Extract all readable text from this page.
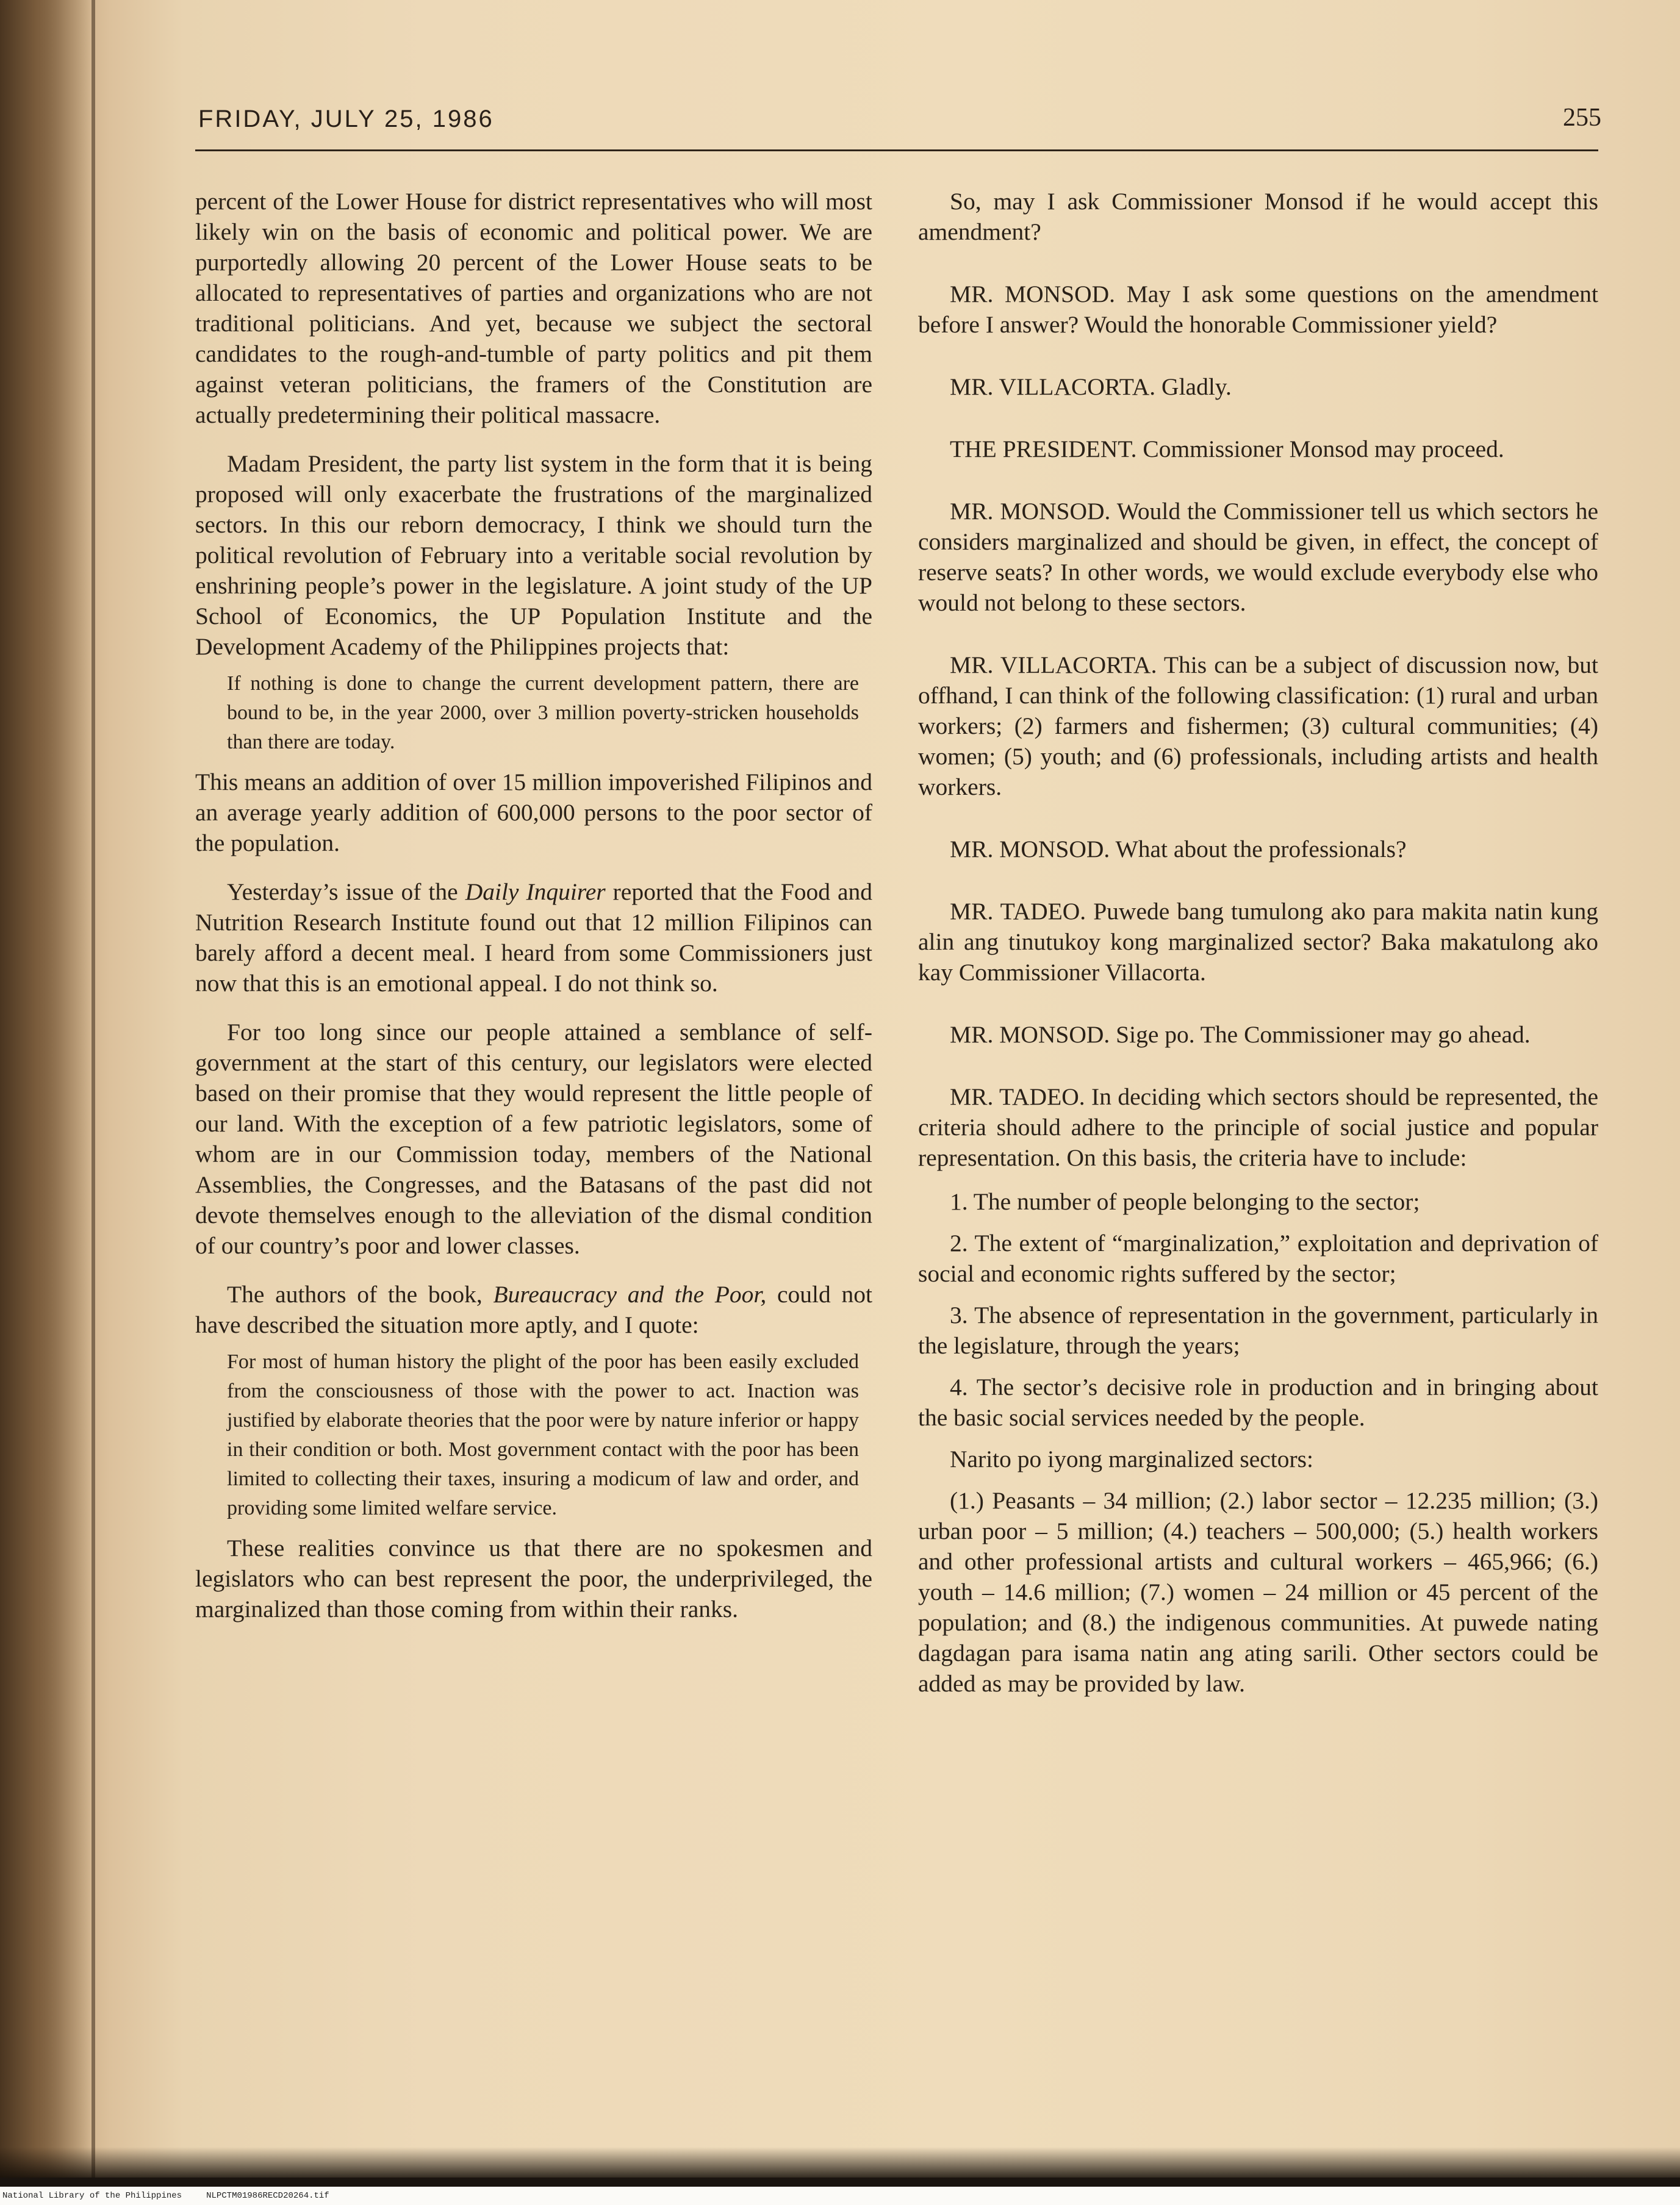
FRIDAY, JULY 25, 1986	255

percent of the Lower House for district representatives who will most likely win on the basis of economic and political power. We are purportedly allowing 20 percent of the Lower House seats to be allocated to representatives of parties and organizations who are not traditional politicians. And yet, because we subject the sectoral candidates to the rough-and-tumble of party politics and pit them against veteran politicians, the framers of the Constitution are actually predetermining their political massacre.

Madam President, the party list system in the form that it is being proposed will only exacerbate the frustrations of the marginalized sectors. In this our reborn democracy, I think we should turn the political revolution of February into a veritable social revolution by enshrining people’s power in the legislature. A joint study of the UP School of Economics, the UP Population Institute and the Development Academy of the Philippines projects that:

If nothing is done to change the current development pattern, there are bound to be, in the year 2000, over 3 million poverty-stricken households than there are today.

This means an addition of over 15 million impoverished Filipinos and an average yearly addition of 600,000 persons to the poor sector of the population.

Yesterday’s issue of the Daily Inquirer reported that the Food and Nutrition Research Institute found out that 12 million Filipinos can barely afford a decent meal. I heard from some Commissioners just now that this is an emotional appeal. I do not think so.

For too long since our people attained a semblance of self-government at the start of this century, our legislators were elected based on their promise that they would represent the little people of our land. With the exception of a few patriotic legislators, some of whom are in our Commission today, members of the National Assemblies, the Congresses, and the Batasans of the past did not devote themselves enough to the alleviation of the dismal condition of our country’s poor and lower classes.

The authors of the book, Bureaucracy and the Poor, could not have described the situation more aptly, and I quote:

For most of human history the plight of the poor has been easily excluded from the consciousness of those with the power to act. Inaction was justified by elaborate theories that the poor were by nature inferior or happy in their condition or both. Most government contact with the poor has been limited to collecting their taxes, insuring a modicum of law and order, and providing some limited welfare service.

These realities convince us that there are no spokesmen and legislators who can best represent the poor, the underprivileged, the marginalized than those coming from within their ranks.

So, may I ask Commissioner Monsod if he would accept this amendment?

MR. MONSOD. May I ask some questions on the amendment before I answer? Would the honorable Commissioner yield?

MR. VILLACORTA. Gladly.

THE PRESIDENT. Commissioner Monsod may proceed.

MR. MONSOD. Would the Commissioner tell us which sectors he considers marginalized and should be given, in effect, the concept of reserve seats? In other words, we would exclude everybody else who would not belong to these sectors.

MR. VILLACORTA. This can be a subject of discussion now, but offhand, I can think of the following classification: (1) rural and urban workers; (2) farmers and fishermen; (3) cultural communities; (4) women; (5) youth; and (6) professionals, including artists and health workers.

MR. MONSOD. What about the professionals?

MR. TADEO. Puwede bang tumulong ako para makita natin kung alin ang tinutukoy kong marginalized sector? Baka makatulong ako kay Commissioner Villacorta.

MR. MONSOD. Sige po. The Commissioner may go ahead.

MR. TADEO. In deciding which sectors should be represented, the criteria should adhere to the principle of social justice and popular representation. On this basis, the criteria have to include:

1. The number of people belonging to the sector;

2. The extent of “marginalization,” exploitation and deprivation of social and economic rights suffered by the sector;

3. The absence of representation in the government, particularly in the legislature, through the years;

4. The sector’s decisive role in production and in bringing about the basic social services needed by the people.

Narito po iyong marginalized sectors:

(1.) Peasants – 34 million; (2.) labor sector – 12.235 million; (3.) urban poor – 5 million; (4.) teachers – 500,000; (5.) health workers and other professional artists and cultural workers – 465,966; (6.) youth – 14.6 million; (7.) women – 24 million or 45 percent of the population; and (8.) the indigenous communities. At puwede nating dagdagan para isama natin ang ating sarili. Other sectors could be added as may be provided by law.

National Library of the Philippines	NLPCTM01986RECD20264.tif
